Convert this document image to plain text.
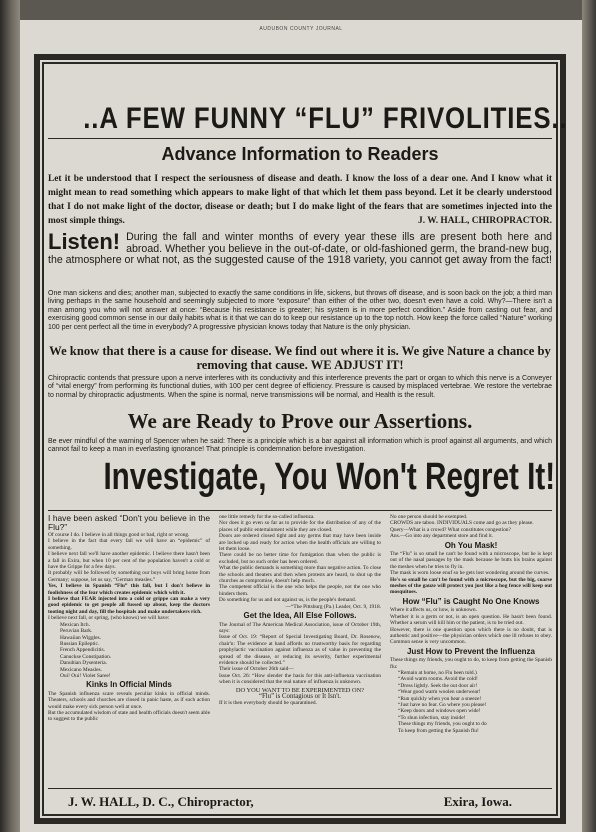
AUDUBON COUNTY JOURNAL
..A FEW FUNNY “FLU” FRIVOLITIES..
Advance Information to Readers
Let it be understood that I respect the seriousness of disease and death. I know the loss of a dear one. And I know what it might mean to read something which appears to make light of that which let them pass beyond. Let it be clearly understood that I do not make light of the doctor, disease or death; but I do make light of the fears that are sometimes injected into the most simple things.	J. W. HALL, CHIROPRACTOR.
Listen! During the fall and winter months of every year these ills are present both here and abroad. Whether you believe in the out-of-date, or old-fashioned germ, the brand-new bug, the atmosphere or what not, as the suggested cause of the 1918 variety, you cannot get away from the fact!

One man sickens and dies; another man, subjected to exactly the same conditions in life, sickens, but throws off disease, and is soon back on the job; a third man living perhaps in the same household and seemingly subjected to more “exposure” than either of the other two, doesn't even have a cold. Why?—There isn't a man among you who will not answer at once: “Because his resistance is greater; his system is in more perfect condition.” Aside from casting out fear, and exercising good common sense in our daily habits what is it that we can do to keep our resistance up to the top notch. How keep the force called “Nature” working 100 per cent perfect all the time in everybody? A progressive physician knows today that Nature is the only physician.

We know that there is a cause for disease. We find out where it is. We give Nature a chance by removing that cause. WE ADJUST IT!

Chiropractic contends that pressure upon a nerve interferes with its conductivity and this interference prevents the part or organ to which this nerve is a Conveyer of “vital energy” from performing its functional duties, with 100 per cent degree of efficiency. Pressure is caused by misplaced vertebrae. We restore the vertebrae to normal by chiropractic adjustments. When the spine is normal, nerve transmissions will be normal, and Health is the result.

We are Ready to Prove our Assertions.

Be ever mindful of the warning of Spencer when he said: There is a principle which is a bar against all information which is proof against all arguments, and which cannot fail to keep a man in everlasting ignorance! That principle is condemnation before investigation.

Investigate, You Won't Regret It!

I have been asked “Don't you believe in the Flu?”

Of course I do. I believe in all things good or bad, right or wrong.

I believe in the fact that every fall we will have an “epidemic” of something.

I believe next fall we'll have another epidemic. I believe there hasn't been a fall in Exira, but when 10 per cent of the population haven't a cold or have the Grippe for a few days.

It probably will be followed by something our boys will bring home from Germany; suppose, let us say, “German measles.”

Yes, I believe in Spanish “Flu” this fall, but I don't believe in foolishness of the fear which creates epidemic which with it.

I believe that FEAR injected into a cold or grippe can make a very good epidemic to get people all fussed up about, keep the doctors tooting night and day, fill the hospitals and make undertakers rich.

I believe next fall, or spring, (who knows) we will have:

Mexican Itch.

Peruvian Bark.

Hawaiian Wiggles.

Russian Epileptic.

French Appendicitis.

Canuckse Constipation.

Danubian Dysenteria.

Mexicano Measles.

Oui! Oui! Violet Saree!

Kinks In Official Minds

The Spanish influenza scare reveals peculiar kinks in official minds. Theaters, schools and churches are closed in panic haste, as if such action would make every sick person well at once.

But the accumulated wisdom of state and health officials doesn't seem able to suggest to the public

one little remedy for the so-called influenza.

Nor does it go even so far as to provide for the distribution of any of the places of public entertainment while they are closed.

Doors are ordered closed tight and any germs that may have been inside are locked up and ready for action when the health officials are willing to let them loose.

There could be no better time for fumigation than when the public is excluded, but no such order has been ordered.

What the public demands is something more than negative action. To close the schools and theaters and then when protests are heard, to shut up the churches as compromise, doesn't help much.

The competent official is the one who helps the people, not the one who hinders them.

Do something for us and not against us, is the people's demand.

—“The Pittsburg (Pa.) Leader, Oct. 9, 1918.

Get the Idea, All Else Follows.

The Journal of The American Medical Association, issue of October 19th, says:

Issue of Oct. 19: “Report of Special Investigating Board, Dr. Rosenow, chair'n: The evidence at hand affords no trustworthy basis for regarding prophylactic vaccination against influenza as of value in preventing the spread of the disease, or reducing its severity, further experimental evidence should be collected.”

Their issue of October 26th said—

Issue Oct. 26: “How slender the basis for this anti-influenza vaccination when it is considered that the real nature of influenza is unknown.

DO YOU WANT TO BE EXPERIMENTED ON?

“Flu” is Contagious or It Isn't.

If it is then everybody should be quarantined.

No one person should be exempted.

CROWDS are taboo. INDIVIDUALS come and go as they please.

Query—What is a crowd? What constitutes congestion?

Ans.—Go into any department store and find it.

Oh You Mask!

The “Flu” is so small he can't be found with a microscope, but he is kept out of the nasal passages by the mask because he butts his brains against the meshes when he tries to fly in.

The mask is worn loose enuf so he gets lost wondering around the curves.

He's so small he can't be found with a microscope, but the big, coarse meshes of the gauze will protect you just like a hog fence will keep out mosquitoes.

How “Flu” is Caught No One Knows

Where it affects us, or how, is unknown.

Whether it is a germ or not, is an open question. He hasn't been found. Whether a serum will kill him or the patient, is to be tried out.

However, there is one question upon which there is no doubt, that is authentic and positive—the physician orders which one ill refuses to obey. Common sense is very uncommon.

Just How to Prevent the Influenza

These things my friends, you ought to do, to keep from getting the Spanish flu:

“Remain at home, no Flu been told.)

“Avoid warm rooms. Avoid the cold!

“Dress lightly. Seek the out door air!

“Wear good warm woolen underwear!

“Run quickly when you hear a sneeze!

“Just have no fear. Go where you please!

“Keep doors and windows open wide!

“To shun infection, stay inside!

These things my friends, you ought to do

To keep from getting the Spanish flu!

J. W. HALL, D. C., Chiropractor,	Exira, Iowa.
